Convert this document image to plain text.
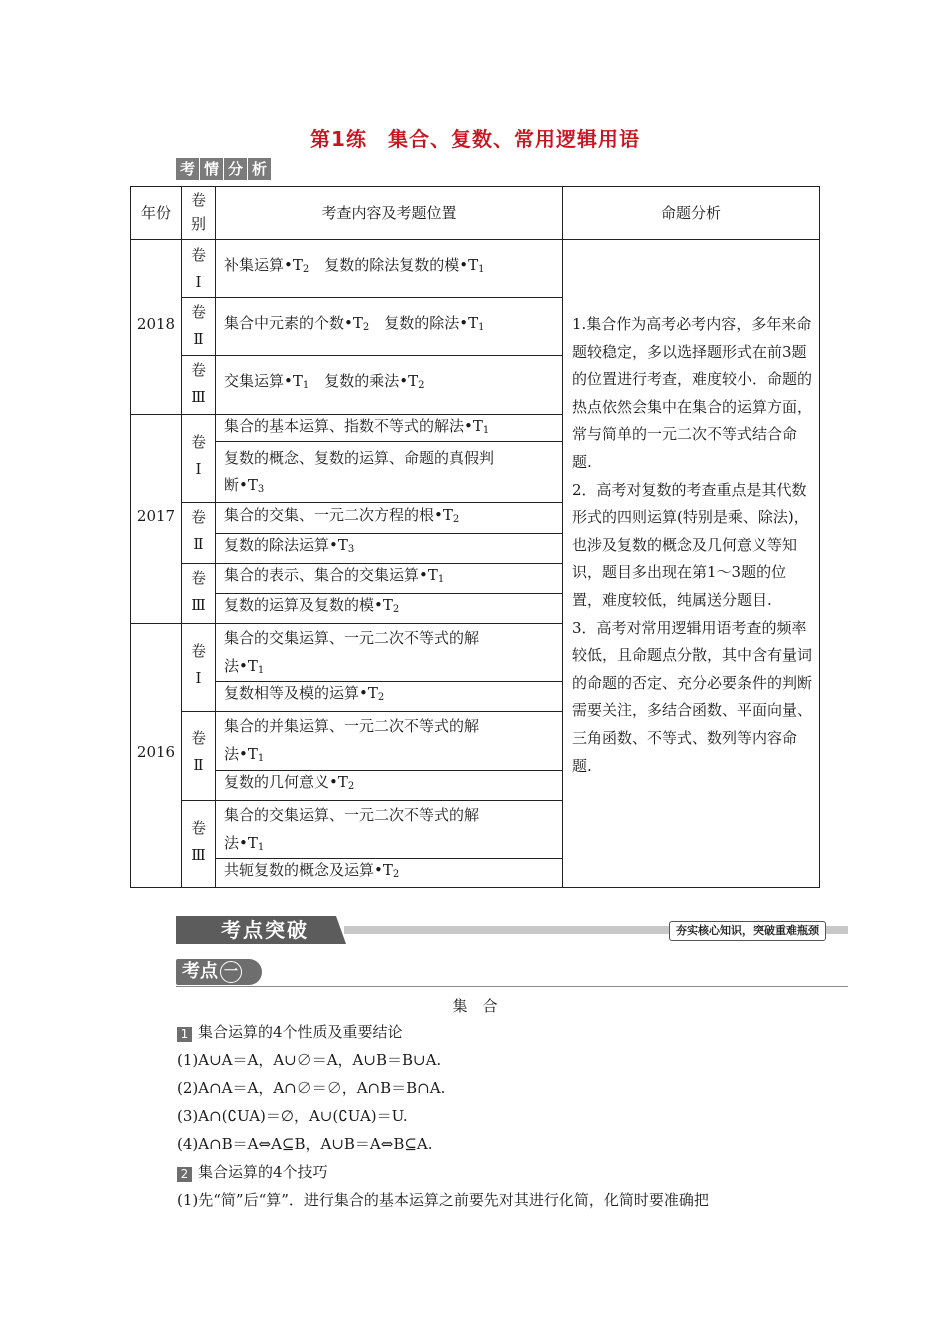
第1练　集合、复数、常用逻辑用语
考 情 分 析
年份
卷
别
考查内容及考题位置	命题分析
2018
2017
2016
卷
Ⅰ
卷
Ⅱ
卷
Ⅲ
卷
Ⅰ
卷
Ⅱ
卷
Ⅲ
卷
Ⅰ
卷
Ⅱ
卷
Ⅲ
补集运算$•T_2$　复数的除法复数的模$•T_1$
集合中元素的个数$•T_2$　复数的除法$•T_1$
交集运算$•T_1$　复数的乘法$•T_2$
集合的基本运算、指数不等式的解法$•T_1$
复数的概念、复数的运算、命题的真假判
断$•T_3$
集合的交集、一元二次方程的根$•T_2$
复数的除法运算$•T_3$
集合的表示、集合的交集运算$•T_1$
复数的运算及复数的模$•T_2$
集合的交集运算、一元二次不等式的解
法$•T_1$
复数相等及模的运算$•T_2$
集合的并集运算、一元二次不等式的解
法$•T_1$
复数的几何意义$•T_2$
集合的交集运算、一元二次不等式的解
法$•T_1$
共轭复数的概念及运算$•T_2$

1.集合作为高考必考内容，多年来命题较稳定，多以选择题形式在前3题的位置进行考查，难度较小．命题的热点依然会集中在集合的运算方面，常与简单的一元二次不等式结合命题.

2．高考对复数的考查重点是其代数形式的四则运算(特别是乘、除法)，也涉及复数的概念及几何意义等知识，题目多出现在第1～3题的位置，难度较低，纯属送分题目.

3．高考对常用逻辑用语考查的频率较低，且命题点分散，其中含有量词的命题的否定、充分必要条件的判断需要关注，多结合函数、平面向量、三角函数、不等式、数列等内容命题.

考点突破	夯实核心知识，突破重难瓶颈
考点 一
集　合
1 集合运算的4个性质及重要结论
(1)A∪A＝A，A∪∅＝A，A∪B＝B∪A.
(2)A∩A＝A，A∩∅＝∅，A∩B＝B∩A.
(3)A∩(∁UA)＝∅，A∪(∁UA)＝U.
(4)A∩B＝A⇔A⊆B，A∪B＝A⇔B⊆A.
2 集合运算的4个技巧
(1)先“简”后“算”．进行集合的基本运算之前要先对其进行化简，化简时要准确把
